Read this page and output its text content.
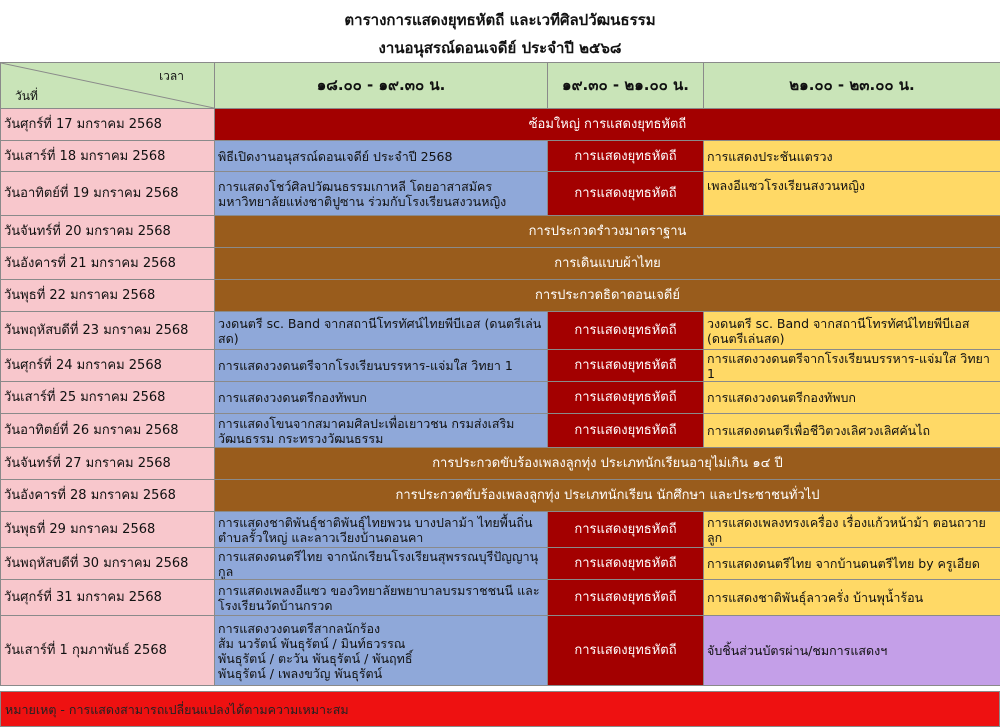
ตารางการแสดงยุทธหัตถี และเวทีศิลปวัฒนธรรม
งานอนุสรณ์ดอนเจดีย์ ประจำปี ๒๕๖๘
เวลา
วันที่	๑๘.๐๐ - ๑๙.๓๐ น.	๑๙.๓๐ - ๒๑.๐๐ น.	๒๑.๐๐ - ๒๓.๐๐ น.
วันศุกร์ที่ 17 มกราคม 2568	ซ้อมใหญ่ การแสดงยุทธหัตถี		
วันเสาร์ที่ 18 มกราคม 2568	พิธีเปิดงานอนุสรณ์ดอนเจดีย์ ประจำปี 2568	การแสดงยุทธหัตถี	การแสดงประชันแตรวง
วันอาทิตย์ที่ 19 มกราคม 2568	การแสดงโชว์ศิลปวัฒนธรรมเกาหลี โดยอาสาสมัครมหาวิทยาลัยแห่งชาติปูซาน ร่วมกับโรงเรียนสงวนหญิง	การแสดงยุทธหัตถี	เพลงอีแซวโรงเรียนสงวนหญิง
วันจันทร์ที่ 20 มกราคม 2568	การประกวดรำวงมาตราฐาน		
วันอังคารที่ 21 มกราคม 2568	การเดินแบบผ้าไทย		
วันพุธที่ 22 มกราคม 2568	การประกวดธิดาดอนเจดีย์		
วันพฤหัสบดีที่ 23 มกราคม 2568	วงดนตรี sc. Band จากสถานีโทรทัศน์ไทยพีบีเอส (ดนตรีเล่นสด)	การแสดงยุทธหัตถี	วงดนตรี sc. Band จากสถานีโทรทัศน์ไทยพีบีเอส (ดนตรีเล่นสด)
วันศุกร์ที่ 24 มกราคม 2568	การแสดงวงดนตรีจากโรงเรียนบรรหาร-แจ่มใส วิทยา 1	การแสดงยุทธหัตถี	การแสดงวงดนตรีจากโรงเรียนบรรหาร-แจ่มใส วิทยา 1
วันเสาร์ที่ 25 มกราคม 2568	การแสดงวงดนตรีกองทัพบก	การแสดงยุทธหัตถี	การแสดงวงดนตรีกองทัพบก
วันอาทิตย์ที่ 26 มกราคม 2568	การแสดงโขนจากสมาคมศิลปะเพื่อเยาวชน กรมส่งเสริมวัฒนธรรม กระทรวงวัฒนธรรม	การแสดงยุทธหัตถี	การแสดงดนตรีเพื่อชีวิตวงเลิศวงเลิศคันไถ
วันจันทร์ที่ 27 มกราคม 2568	การประกวดขับร้องเพลงลูกทุ่ง ประเภทนักเรียนอายุไม่เกิน ๑๔ ปี		
วันอังคารที่ 28 มกราคม 2568	การประกวดขับร้องเพลงลูกทุ่ง ประเภทนักเรียน นักศึกษา และประชาชนทั่วไป		
วันพุธที่ 29 มกราคม 2568	การแสดงชาติพันธุ์ชาติพันธุ์ไทยพวน บางปลาม้า ไทยพื้นถิ่นตำบลรั้วใหญ่ และลาวเวียงบ้านดอนคา	การแสดงยุทธหัตถี	การแสดงเพลงทรงเครื่อง เรื่องแก้วหน้าม้า ตอนถวายลูก
วันพฤหัสบดีที่ 30 มกราคม 2568	การแสดงดนตรีไทย จากนักเรียนโรงเรียนสุพรรณบุรีปัญญานุกูล	การแสดงยุทธหัตถี	การแสดงดนตรีไทย จากบ้านดนตรีไทย by ครูเอียด
วันศุกร์ที่ 31 มกราคม 2568	การแสดงเพลงอีแซว ของวิทยาลัยพยาบาลบรมราชชนนี และโรงเรียนวัดบ้านกรวด	การแสดงยุทธหัตถี	การแสดงชาติพันธุ์ลาวครั่ง บ้านพุน้ำร้อน
วันเสาร์ที่ 1 กุมภาพันธ์ 2568	การแสดงวงดนตรีสากลนักร้อง
ส้ม นวรัตน์ พันธุรัตน์ / มินท์ธวรรณ
พันธุรัตน์ / ตะวัน พันธุรัตน์ / พันฤทธิ์
พันธุรัตน์ / เพลงขวัญ พันธุรัตน์	การแสดงยุทธหัตถี	จับชิ้นส่วนบัตรผ่าน/ชมการแสดงฯ
หมายเหตุ - การแสดงสามารถเปลี่ยนแปลงได้ตามความเหมาะสม
